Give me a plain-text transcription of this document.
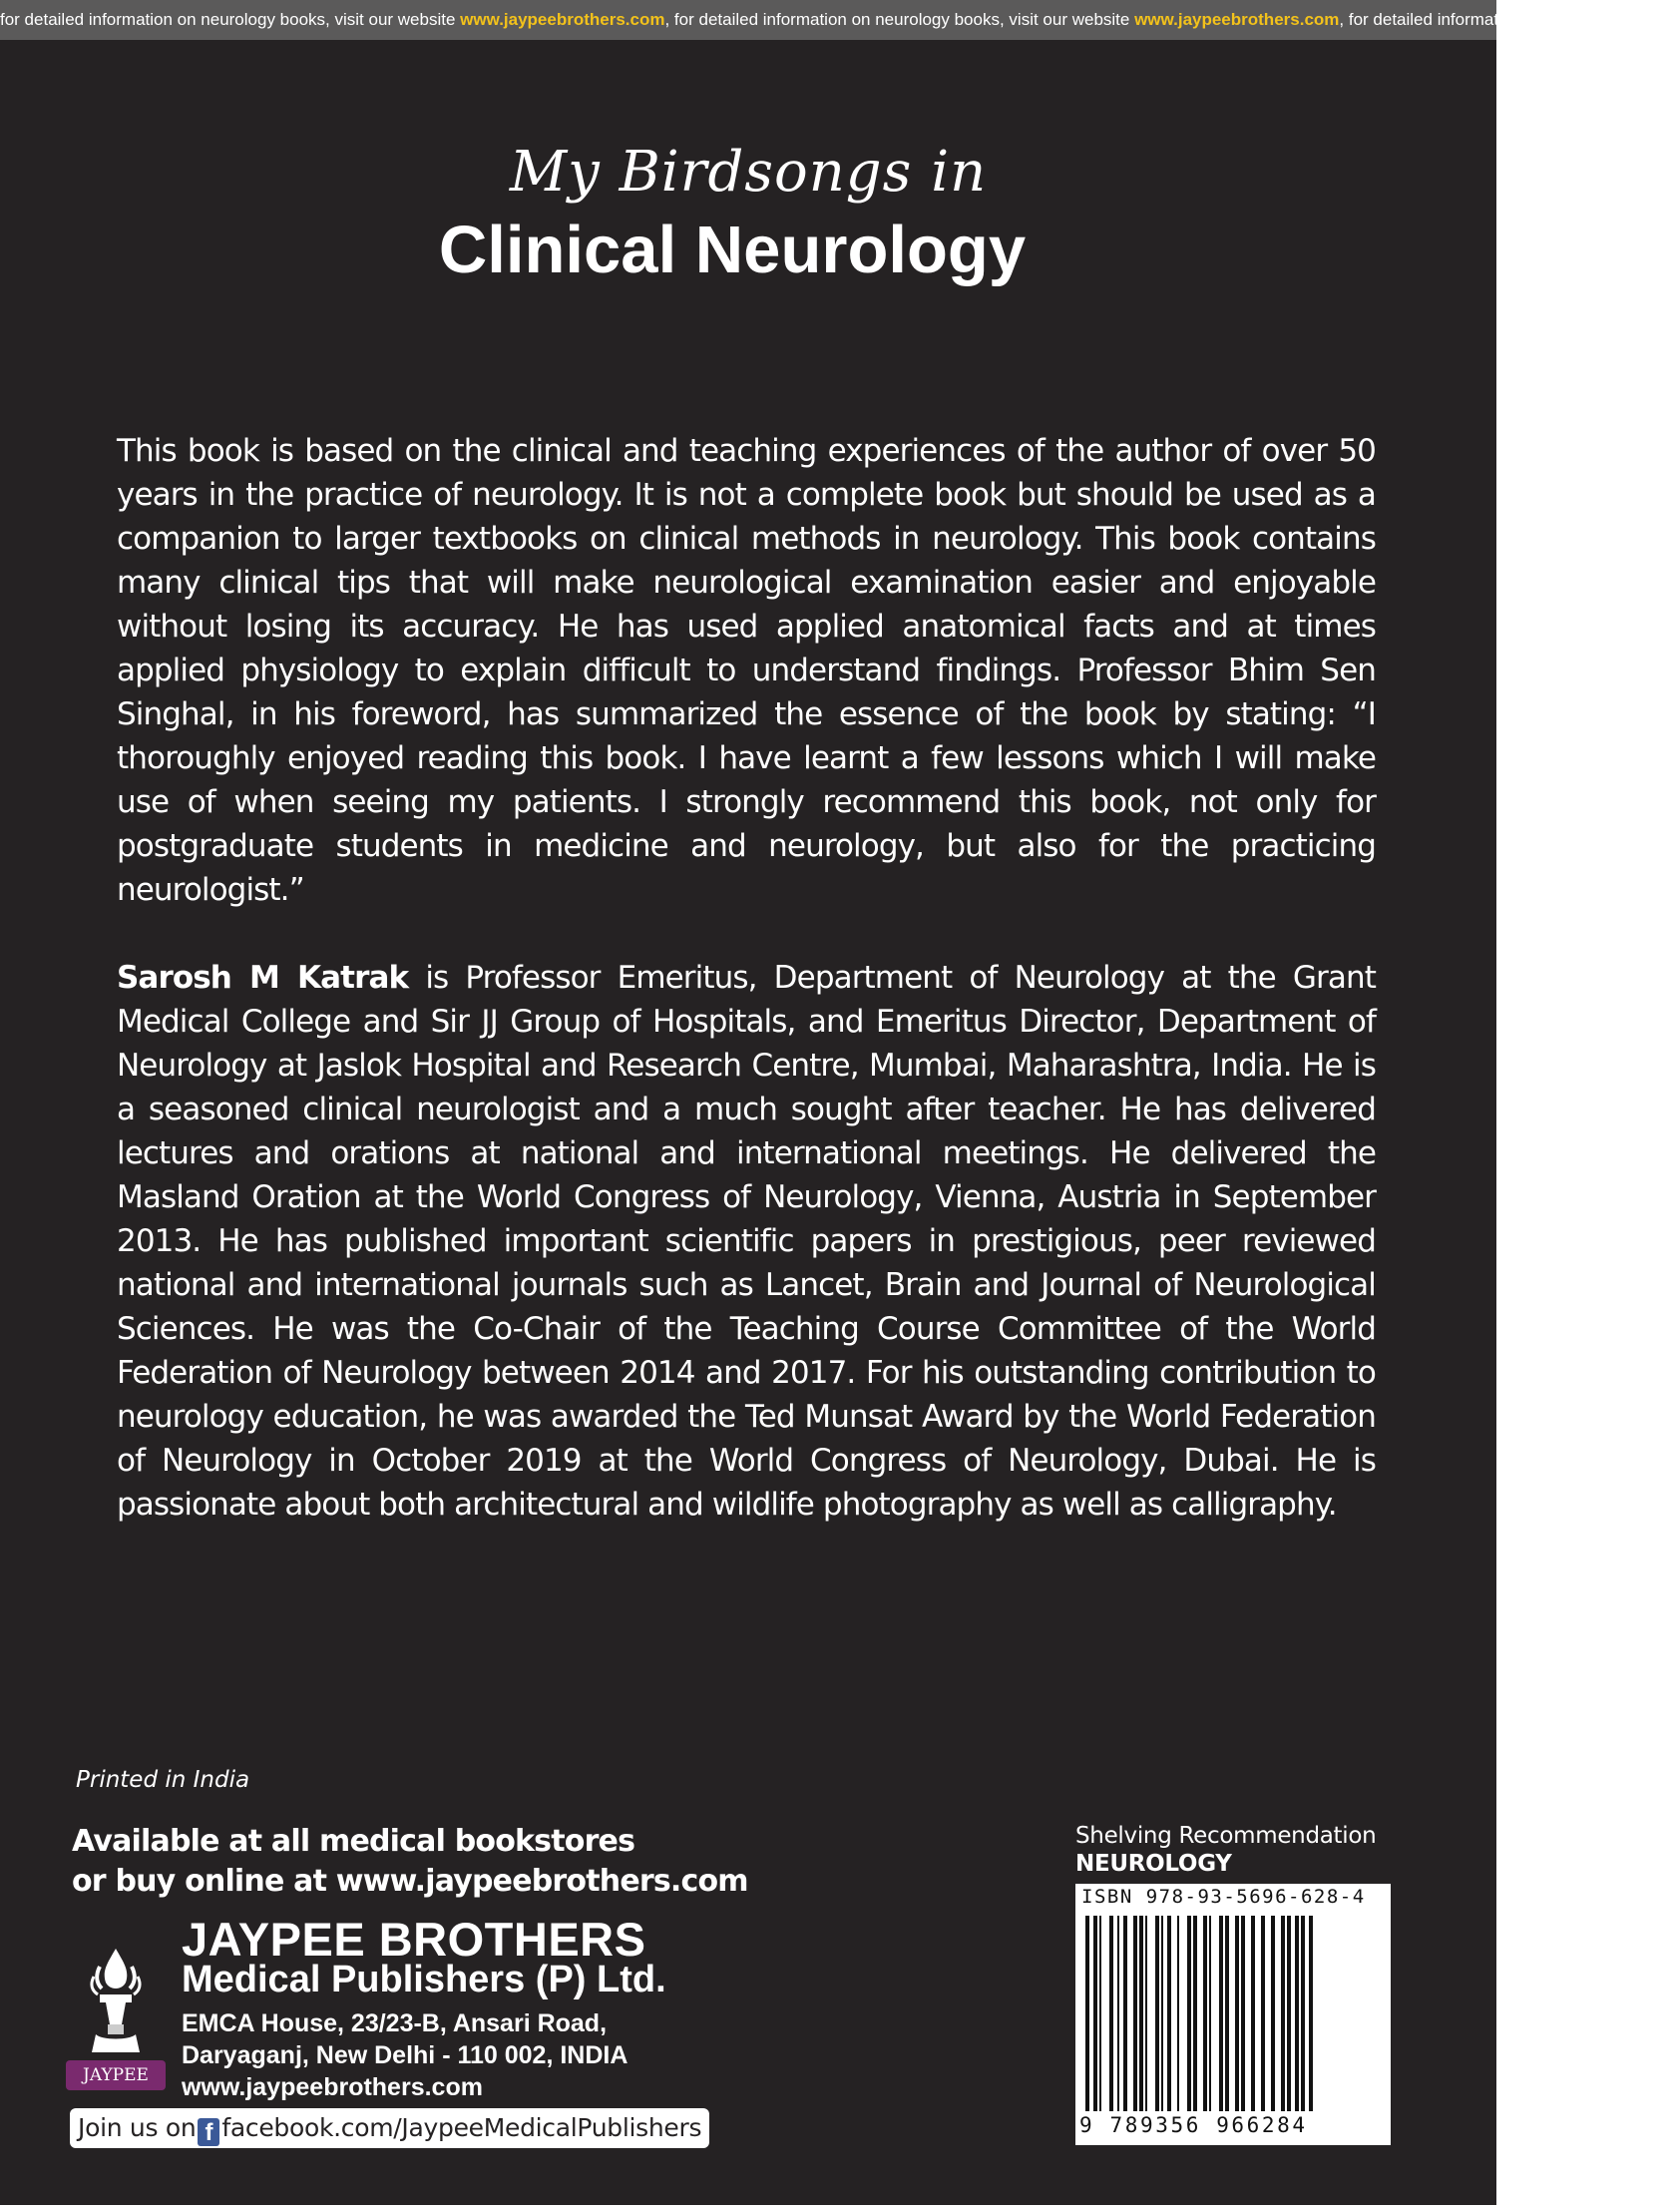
for detailed information on neurology books, visit our website www.jaypeebrothers.com, for detailed information on neurology books, visit our website www.jaypeebrothers.com, for detailed information on neurology books
My Birdsongs in
Clinical Neurology

This book is based on the clinical and teaching experiences of the author of over 50 years in the practice of neurology. It is not a complete book but should be used as a companion to larger textbooks on clinical methods in neurology. This book contains many clinical tips that will make neurological examination easier and enjoyable without losing its accuracy. He has used applied anatomical facts and at times applied physiology to explain difficult to understand findings. Professor Bhim Sen Singhal, in his foreword, has summarized the essence of the book by stating: “I thoroughly enjoyed reading this book. I have learnt a few lessons which I will make use of when seeing my patients. I strongly recommend this book, not only for postgraduate students in medicine and neurology, but also for the practicing neurologist.”

Sarosh M Katrak is Professor Emeritus, Department of Neurology at the Grant Medical College and Sir JJ Group of Hospitals, and Emeritus Director, Department of Neurology at Jaslok Hospital and Research Centre, Mumbai, Maharashtra, India. He is a seasoned clinical neurologist and a much sought after teacher. He has delivered lectures and orations at national and international meetings. He delivered the Masland Oration at the World Congress of Neurology, Vienna, Austria in September 2013. He has published important scientific papers in prestigious, peer reviewed national and international journals such as Lancet, Brain and Journal of Neurological Sciences. He was the Co-Chair of the Teaching Course Committee of the World Federation of Neurology between 2014 and 2017. For his outstanding contribution to neurology education, he was awarded the Ted Munsat Award by the World Federation of Neurology in October 2019 at the World Congress of Neurology, Dubai. He is passionate about both architectural and wildlife photography as well as calligraphy.

Printed in India
Available at all medical bookstores
or buy online at www.jaypeebrothers.com
JAYPEE
JAYPEE BROTHERS
Medical Publishers (P) Ltd.
EMCA House, 23/23-B, Ansari Road,
Daryaganj, New Delhi - 110 002, INDIA
www.jaypeebrothers.com
Join us on f facebook.com/JaypeeMedicalPublishers
Shelving Recommendation
NEUROLOGY
ISBN 978-93-5696-628-4
9 789356 966284
